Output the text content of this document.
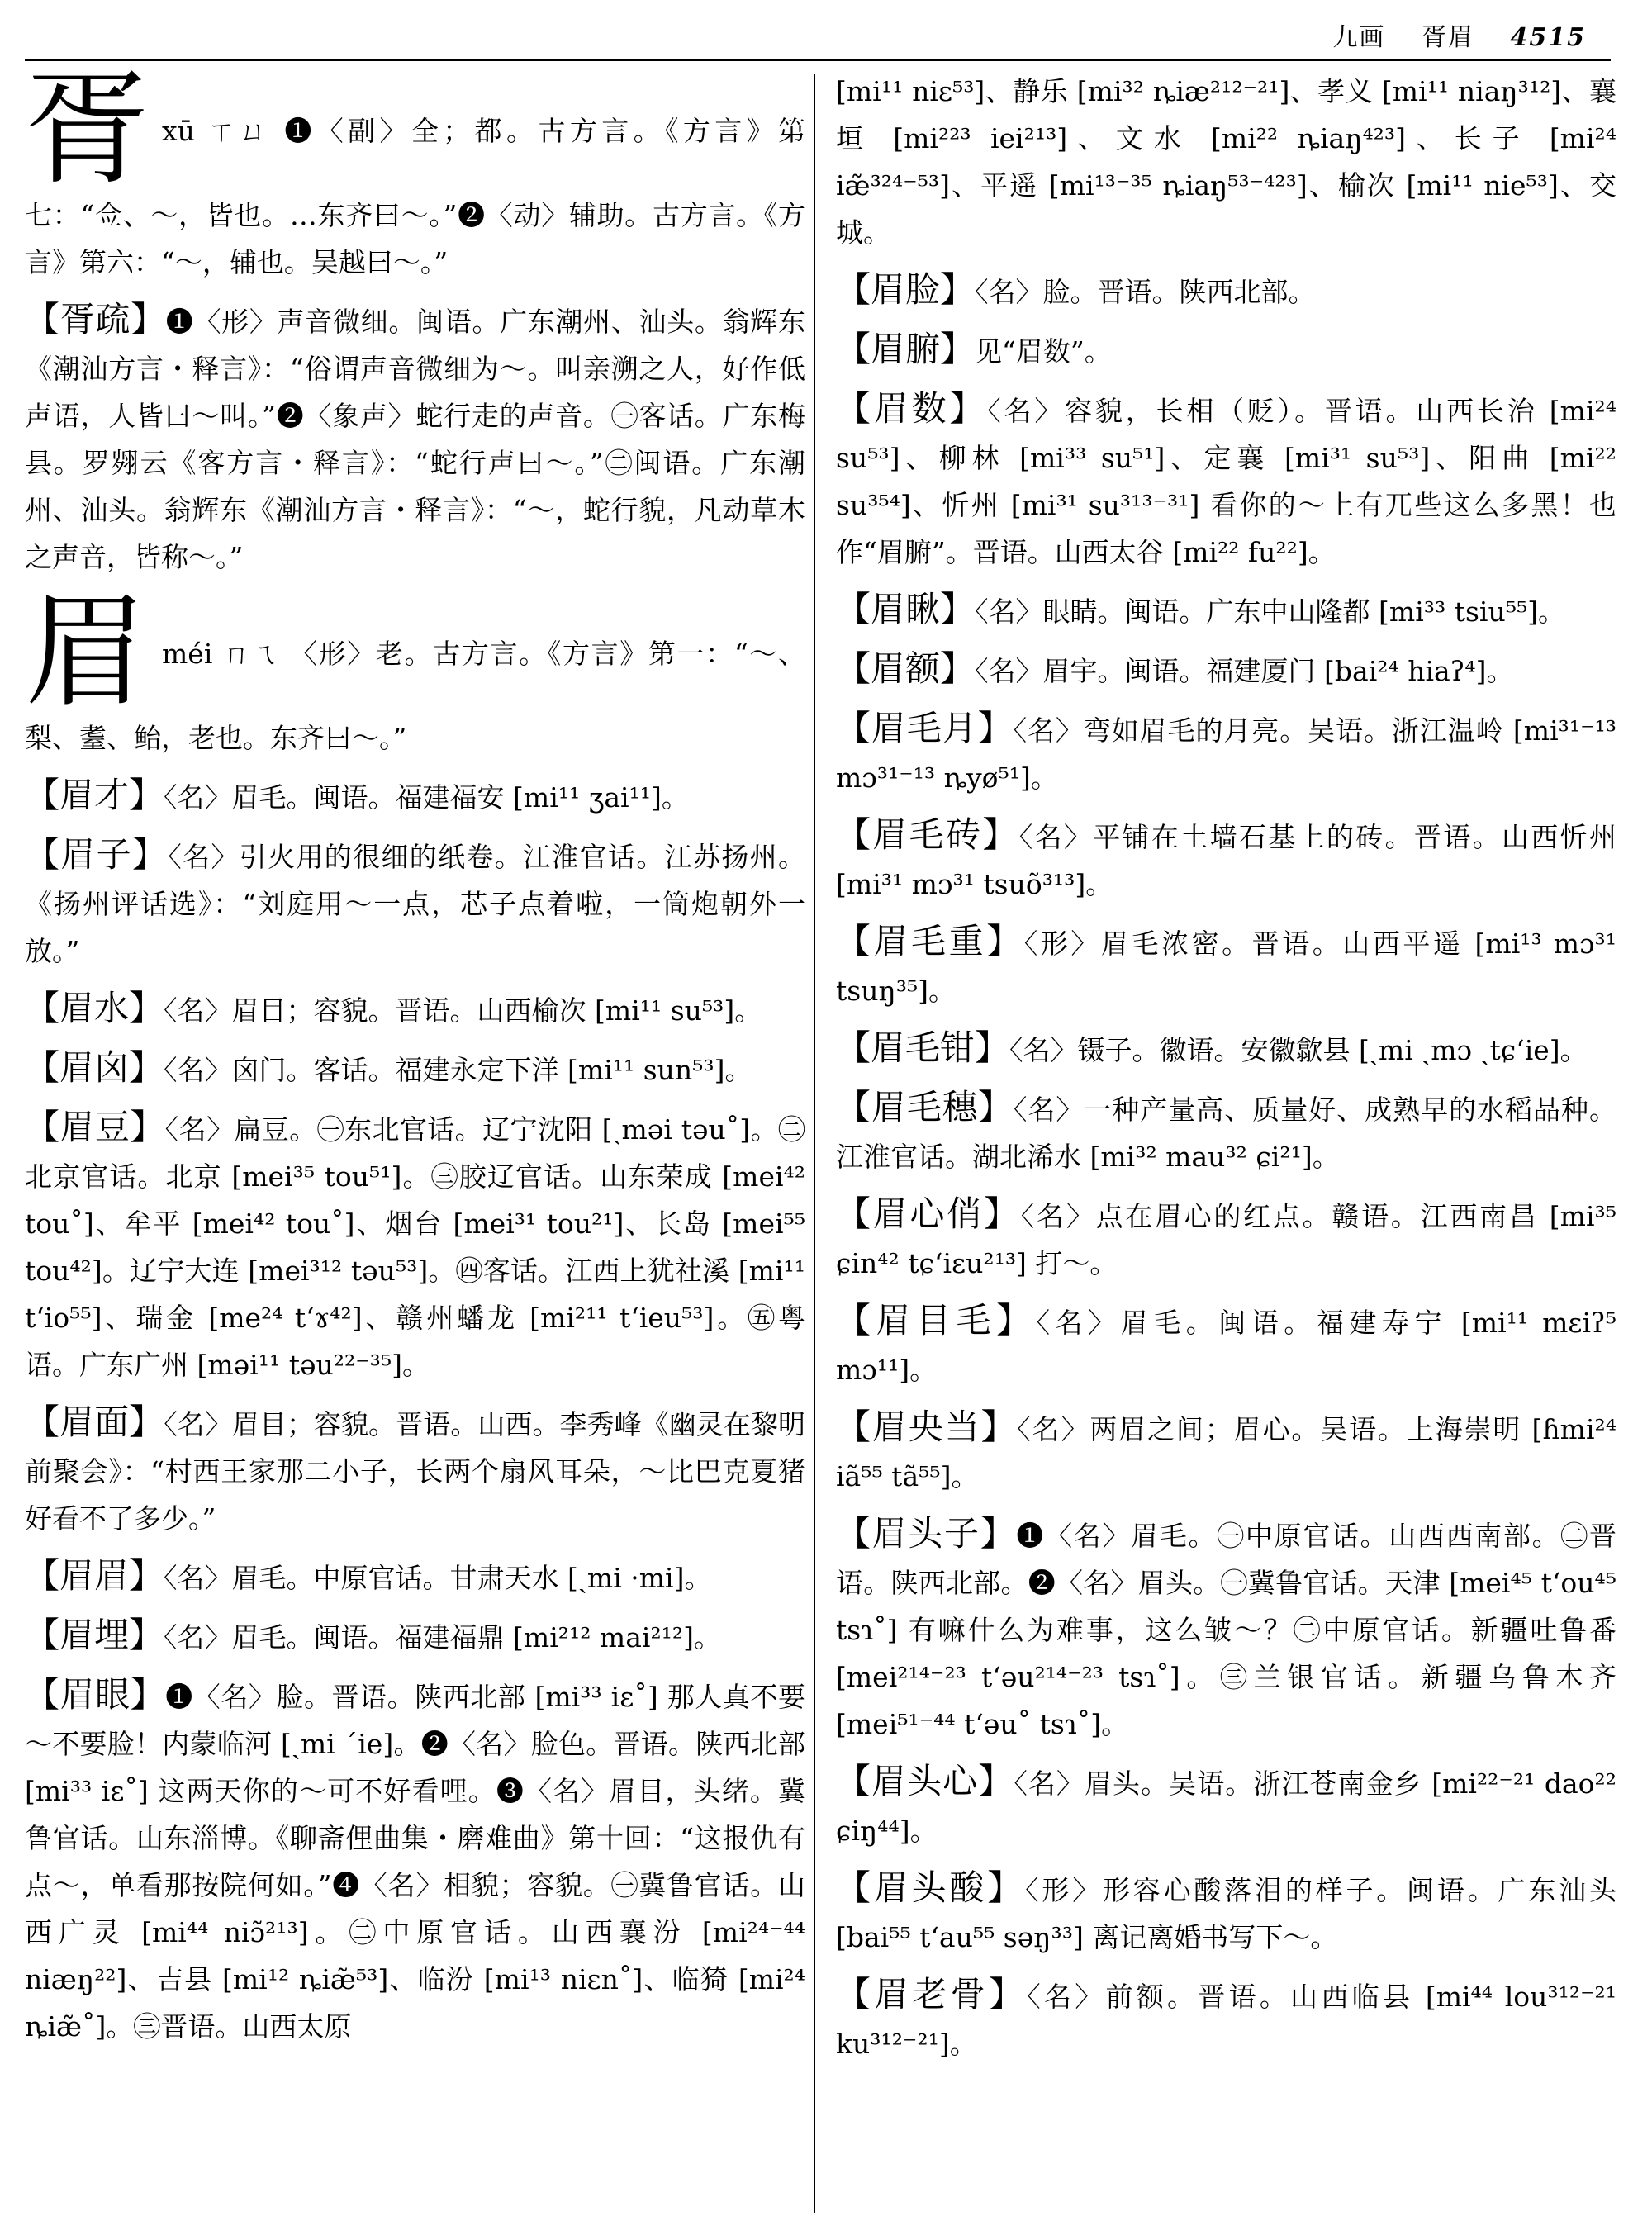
九画 胥眉 4515

胥xū ㄒㄩ ❶〈副〉全；都。古方言。《方言》第七：“佥、～，皆也。…东齐曰～。”❷〈动〉辅助。古方言。《方言》第六：“～，辅也。吴越曰～。”

【胥疏】❶〈形〉声音微细。闽语。广东潮州、汕头。翁辉东《潮汕方言・释言》：“俗谓声音微细为～。叫亲溯之人，好作低声语，人皆曰～叫。”❷〈象声〉蛇行走的声音。㊀客话。广东梅县。罗翙云《客方言・释言》：“蛇行声曰～。”㊁闽语。广东潮州、汕头。翁辉东《潮汕方言・释言》：“～，蛇行貌，凡动草木之声音，皆称～。”

眉méi ㄇㄟ 〈形〉老。古方言。《方言》第一：“～、梨、耋、鲐，老也。东齐曰～。”

【眉才】〈名〉眉毛。闽语。福建福安 [mi¹¹ ʒai¹¹]。

【眉子】〈名〉引火用的很细的纸卷。江淮官话。江苏扬州。《扬州评话选》：“刘庭用～一点，芯子点着啦，一筒炮朝外一放。”

【眉水】〈名〉眉目；容貌。晋语。山西榆次 [mi¹¹ su⁵³]。

【眉囟】〈名〉囟门。客话。福建永定下洋 [mi¹¹ sun⁵³]。

【眉豆】〈名〉扁豆。㊀东北官话。辽宁沈阳 [ˏməi təu˚]。㊁北京官话。北京 [mei³⁵ tou⁵¹]。㊂胶辽官话。山东荣成 [mei⁴² tou˚]、牟平 [mei⁴² tou˚]、烟台 [mei³¹ tou²¹]、长岛 [mei⁵⁵ tou⁴²]。辽宁大连 [mei³¹² təu⁵³]。㊃客话。江西上犹社溪 [mi¹¹ tʻio⁵⁵]、瑞金 [me²⁴ tʻɤ⁴²]、赣州蟠龙 [mi²¹¹ tʻieu⁵³]。㊄粤语。广东广州 [məi¹¹ təu²²⁻³⁵]。

【眉面】〈名〉眉目；容貌。晋语。山西。李秀峰《幽灵在黎明前聚会》：“村西王家那二小子，长两个扇风耳朵，～比巴克夏猪好看不了多少。”

【眉眉】〈名〉眉毛。中原官话。甘肃天水 [ˏmi ·mi]。

【眉埋】〈名〉眉毛。闽语。福建福鼎 [mi²¹² mai²¹²]。

【眉眼】❶〈名〉脸。晋语。陕西北部 [mi³³ iɛ˚] 那人真不要～不要脸！内蒙临河 [ˏmi ˊie]。❷〈名〉脸色。晋语。陕西北部 [mi³³ iɛ˚] 这两天你的～可不好看哩。❸〈名〉眉目，头绪。冀鲁官话。山东淄博。《聊斋俚曲集・磨难曲》第十回：“这报仇有点～，单看那按院何如。”❹〈名〉相貌；容貌。㊀冀鲁官话。山西广灵 [mi⁴⁴ niɔ̃²¹³]。㊁中原官话。山西襄汾 [mi²⁴⁻⁴⁴ niæŋ²²]、吉县 [mi¹² ȵiæ̃⁵³]、临汾 [mi¹³ niɛn˚]、临猗 [mi²⁴ ȵiæ̃˚]。㊂晋语。山西太原

[mi¹¹ niɛ⁵³]、静乐 [mi³² ȵiæ²¹²⁻²¹]、孝义 [mi¹¹ niaŋ³¹²]、襄垣 [mi²²³ iei²¹³]、文水 [mi²² ȵiaŋ⁴²³]、长子 [mi²⁴ iæ̃³²⁴⁻⁵³]、平遥 [mi¹³⁻³⁵ ȵiaŋ⁵³⁻⁴²³]、榆次 [mi¹¹ nie⁵³]、交城。

【眉脸】〈名〉脸。晋语。陕西北部。

【眉腑】见“眉数”。

【眉数】〈名〉容貌，长相（贬）。晋语。山西长治 [mi²⁴ su⁵³]、柳林 [mi³³ su⁵¹]、定襄 [mi³¹ su⁵³]、阳曲 [mi²² su³⁵⁴]、忻州 [mi³¹ su³¹³⁻³¹] 看你的～上有兀些这么多黑！也作“眉腑”。晋语。山西太谷 [mi²² fu²²]。

【眉瞅】〈名〉眼睛。闽语。广东中山隆都 [mi³³ tsiu⁵⁵]。

【眉额】〈名〉眉宇。闽语。福建厦门 [bai²⁴ hiaʔ⁴]。

【眉毛月】〈名〉弯如眉毛的月亮。吴语。浙江温岭 [mi³¹⁻¹³ mɔ³¹⁻¹³ ȵyø⁵¹]。

【眉毛砖】〈名〉平铺在土墙石基上的砖。晋语。山西忻州 [mi³¹ mɔ³¹ tsuõ³¹³]。

【眉毛重】〈形〉眉毛浓密。晋语。山西平遥 [mi¹³ mɔ³¹ tsuŋ³⁵]。

【眉毛钳】〈名〉镊子。徽语。安徽歙县 [ˏmi ˏmɔ ˏtɕʻie]。

【眉毛穗】〈名〉一种产量高、质量好、成熟早的水稻品种。江淮官话。湖北浠水 [mi³² mau³² ɕi²¹]。

【眉心俏】〈名〉点在眉心的红点。赣语。江西南昌 [mi³⁵ ɕin⁴² tɕʻiɛu²¹³] 打～。

【眉目毛】〈名〉眉毛。闽语。福建寿宁 [mi¹¹ mɛiʔ⁵ mɔ¹¹]。

【眉央当】〈名〉两眉之间；眉心。吴语。上海崇明 [ɦmi²⁴ iã⁵⁵ tã⁵⁵]。

【眉头子】❶〈名〉眉毛。㊀中原官话。山西西南部。㊁晋语。陕西北部。❷〈名〉眉头。㊀冀鲁官话。天津 [mei⁴⁵ tʻou⁴⁵ tsɿ˚] 有嘛什么为难事，这么皱～？㊁中原官话。新疆吐鲁番 [mei²¹⁴⁻²³ tʻəu²¹⁴⁻²³ tsɿ˚]。㊂兰银官话。新疆乌鲁木齐 [mei⁵¹⁻⁴⁴ tʻəu˚ tsɿ˚]。

【眉头心】〈名〉眉头。吴语。浙江苍南金乡 [mi²²⁻²¹ dao²² ɕiŋ⁴⁴]。

【眉头酸】〈形〉形容心酸落泪的样子。闽语。广东汕头 [bai⁵⁵ tʻau⁵⁵ səŋ³³] 离记离婚书写下～。

【眉老骨】〈名〉前额。晋语。山西临县 [mi⁴⁴ lou³¹²⁻²¹ ku³¹²⁻²¹]。
